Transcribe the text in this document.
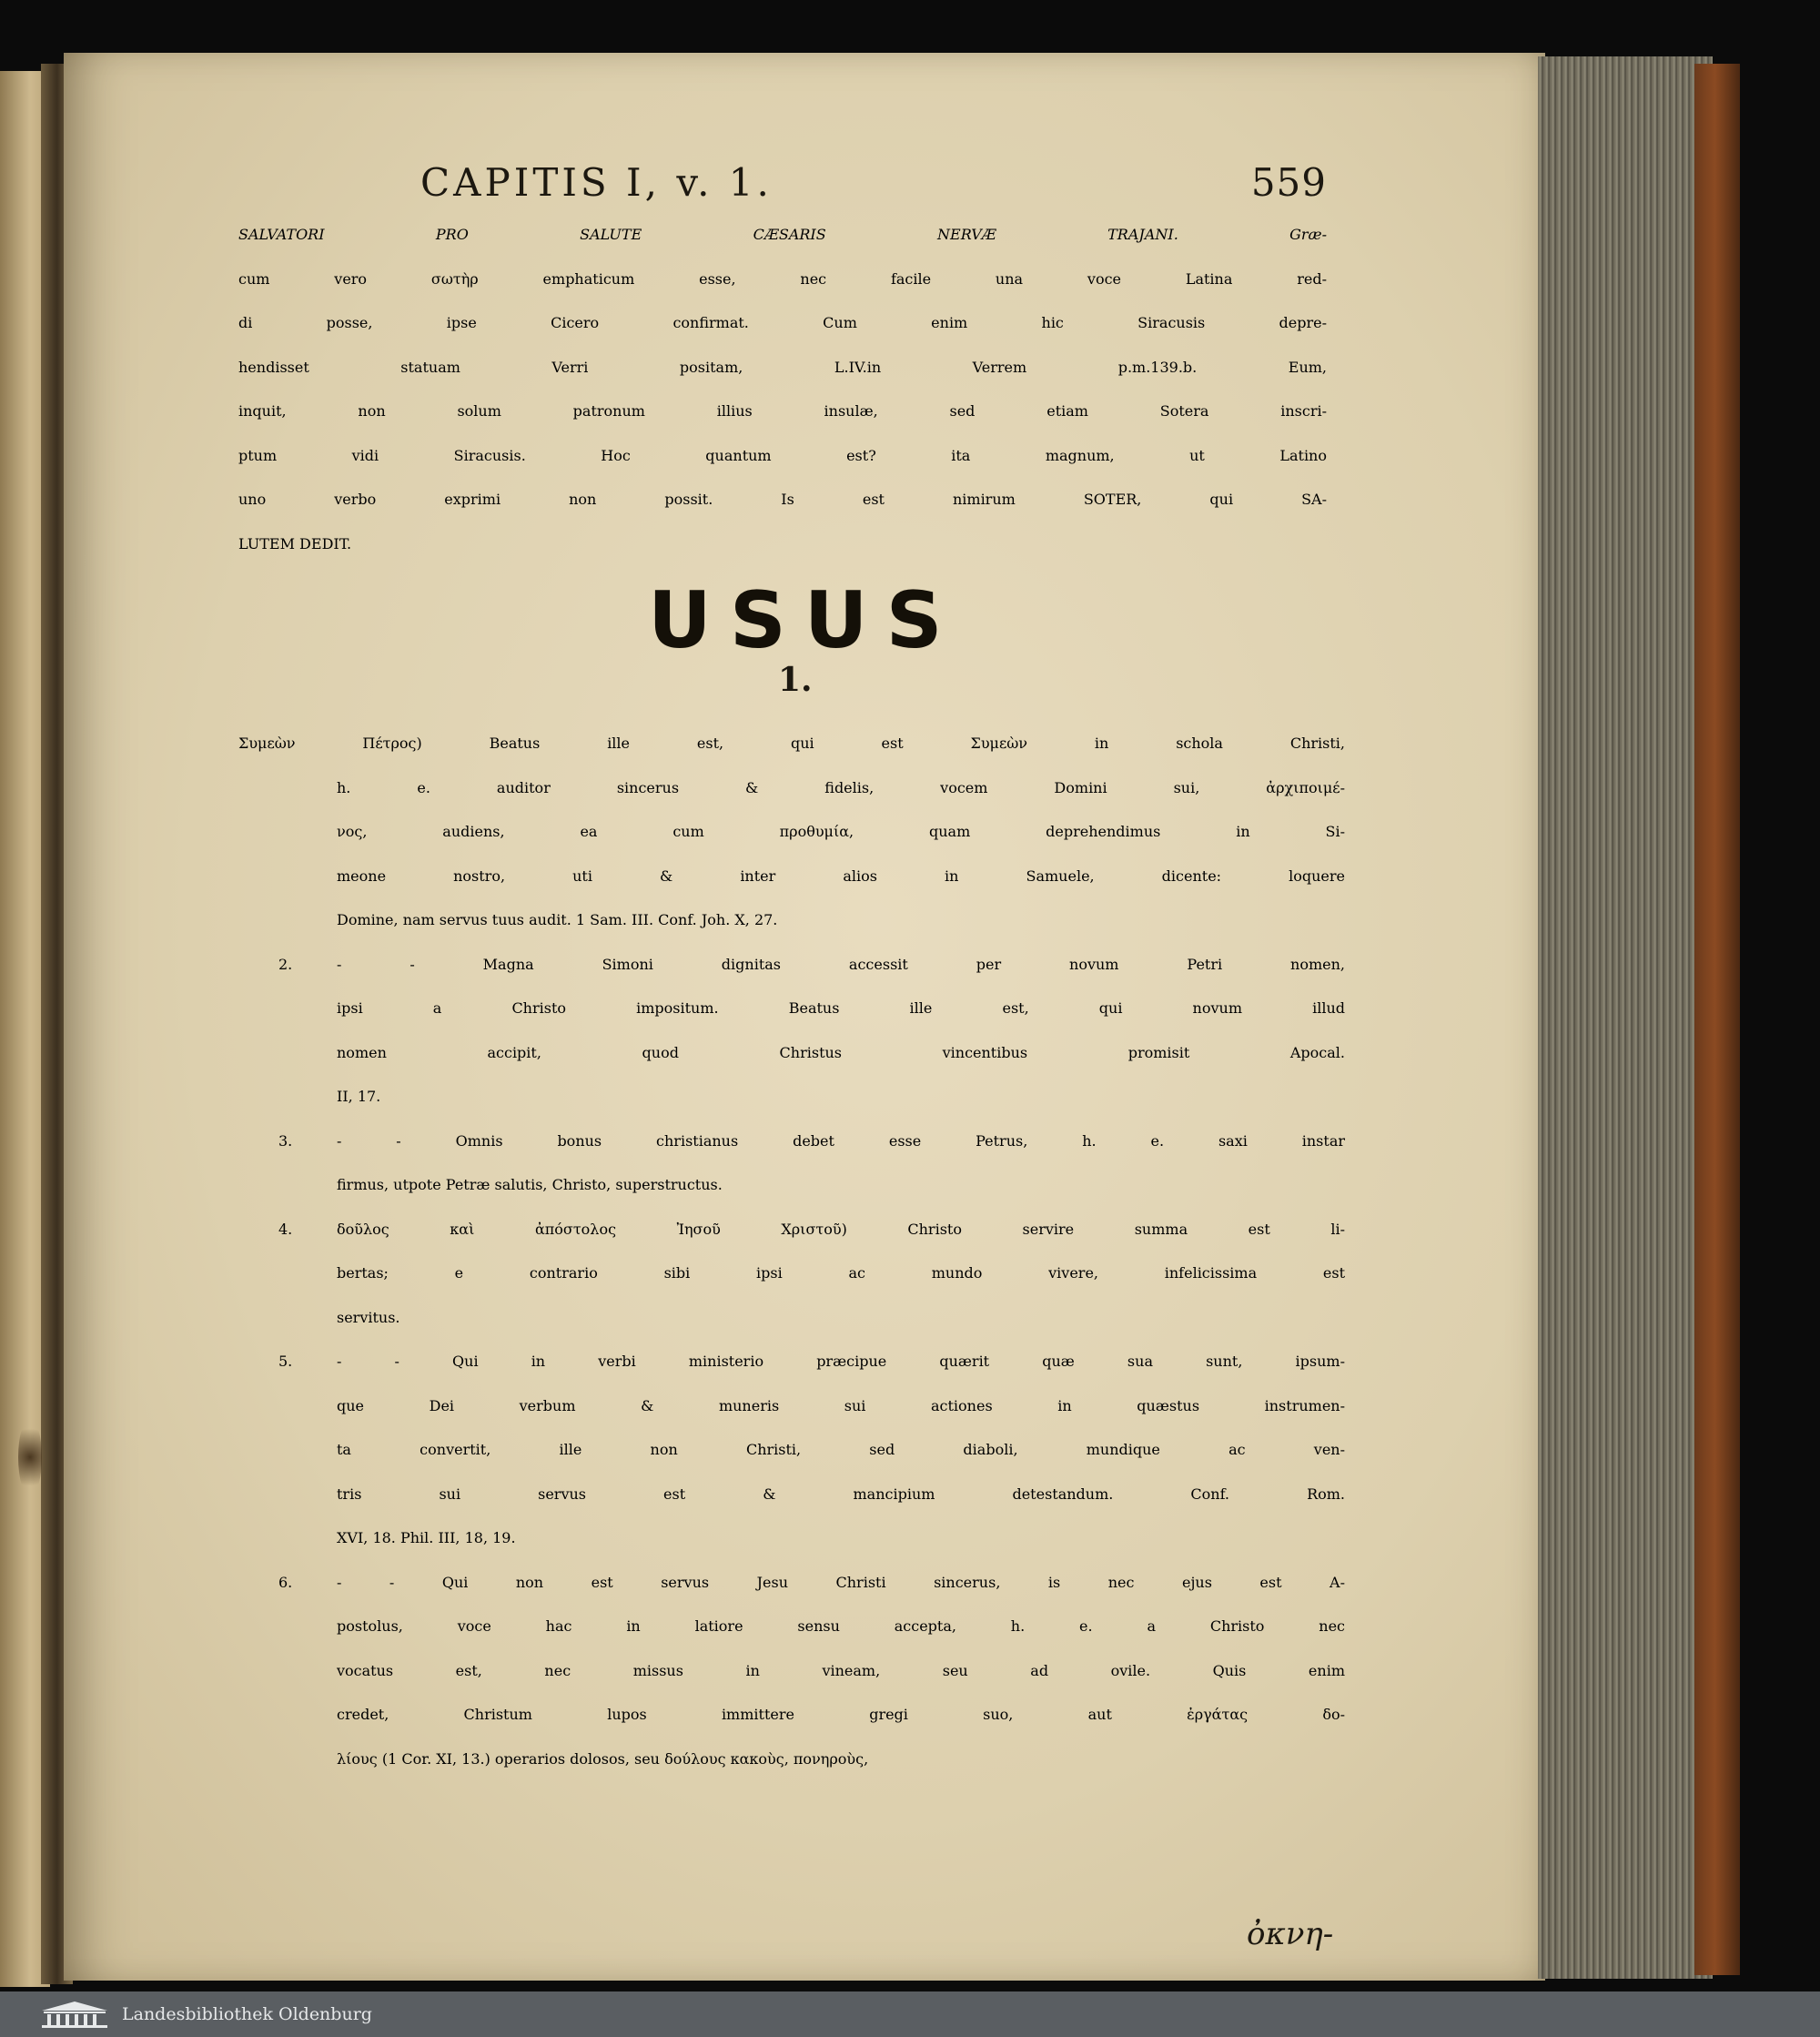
CAPITIS I, v. 1.	559
SALVATORI PRO SALUTE CÆSARIS NERVÆ TRAJANI. Græ-
cum vero σωτὴρ emphaticum esse, nec facile una voce Latina red-
di posse, ipse Cicero confirmat. Cum enim hic Siracusis depre-
hendisset statuam Verri positam, L.IV.in Verrem p.m.139.b. Eum,
inquit, non solum patronum illius insulæ, sed etiam Sotera inscri-
ptum vidi Siracusis. Hoc quantum est? ita magnum, ut Latino
uno verbo exprimi non possit. Is est nimirum SOTER, qui SA-
LUTEM DEDIT.
USUS
1.
Συμεὼν Πέτρος) Beatus ille est, qui est Συμεὼν in schola Christi,
h. e. auditor sincerus & fidelis, vocem Domini sui, ἀρχιποιμέ-
νος, audiens, ea cum προθυμία, quam deprehendimus in Si-
meone nostro, uti & inter alios in Samuele, dicente: loquere
Domine, nam servus tuus audit. 1 Sam. III. Conf. Joh. X, 27.
2.	- - Magna Simoni dignitas accessit per novum Petri nomen,
ipsi a Christo impositum. Beatus ille est, qui novum illud
nomen accipit, quod Christus vincentibus promisit Apocal.
II, 17.
3.	- - Omnis bonus christianus debet esse Petrus, h. e. saxi instar
firmus, utpote Petræ salutis, Christo, superstructus.
4.	δοῦλος καὶ ἀπόστολος Ἰησοῦ Χριστοῦ) Christo servire summa est li-
bertas; e contrario sibi ipsi ac mundo vivere, infelicissima est
servitus.
5.	- - Qui in verbi ministerio præcipue quærit quæ sua sunt, ipsum-
que Dei verbum & muneris sui actiones in quæstus instrumen-
ta convertit, ille non Christi, sed diaboli, mundique ac ven-
tris sui servus est & mancipium detestandum. Conf. Rom.
XVI, 18. Phil. III, 18, 19.
6.	- - Qui non est servus Jesu Christi sincerus, is nec ejus est A-
postolus, voce hac in latiore sensu accepta, h. e. a Christo nec
vocatus est, nec missus in vineam, seu ad ovile. Quis enim
credet, Christum lupos immittere gregi suo, aut ἐργάτας δο-
λίους (1 Cor. XI, 13.) operarios dolosos, seu δούλους κακοὺς, πονηροὺς,
ὀκνη-
Landesbibliothek Oldenburg
